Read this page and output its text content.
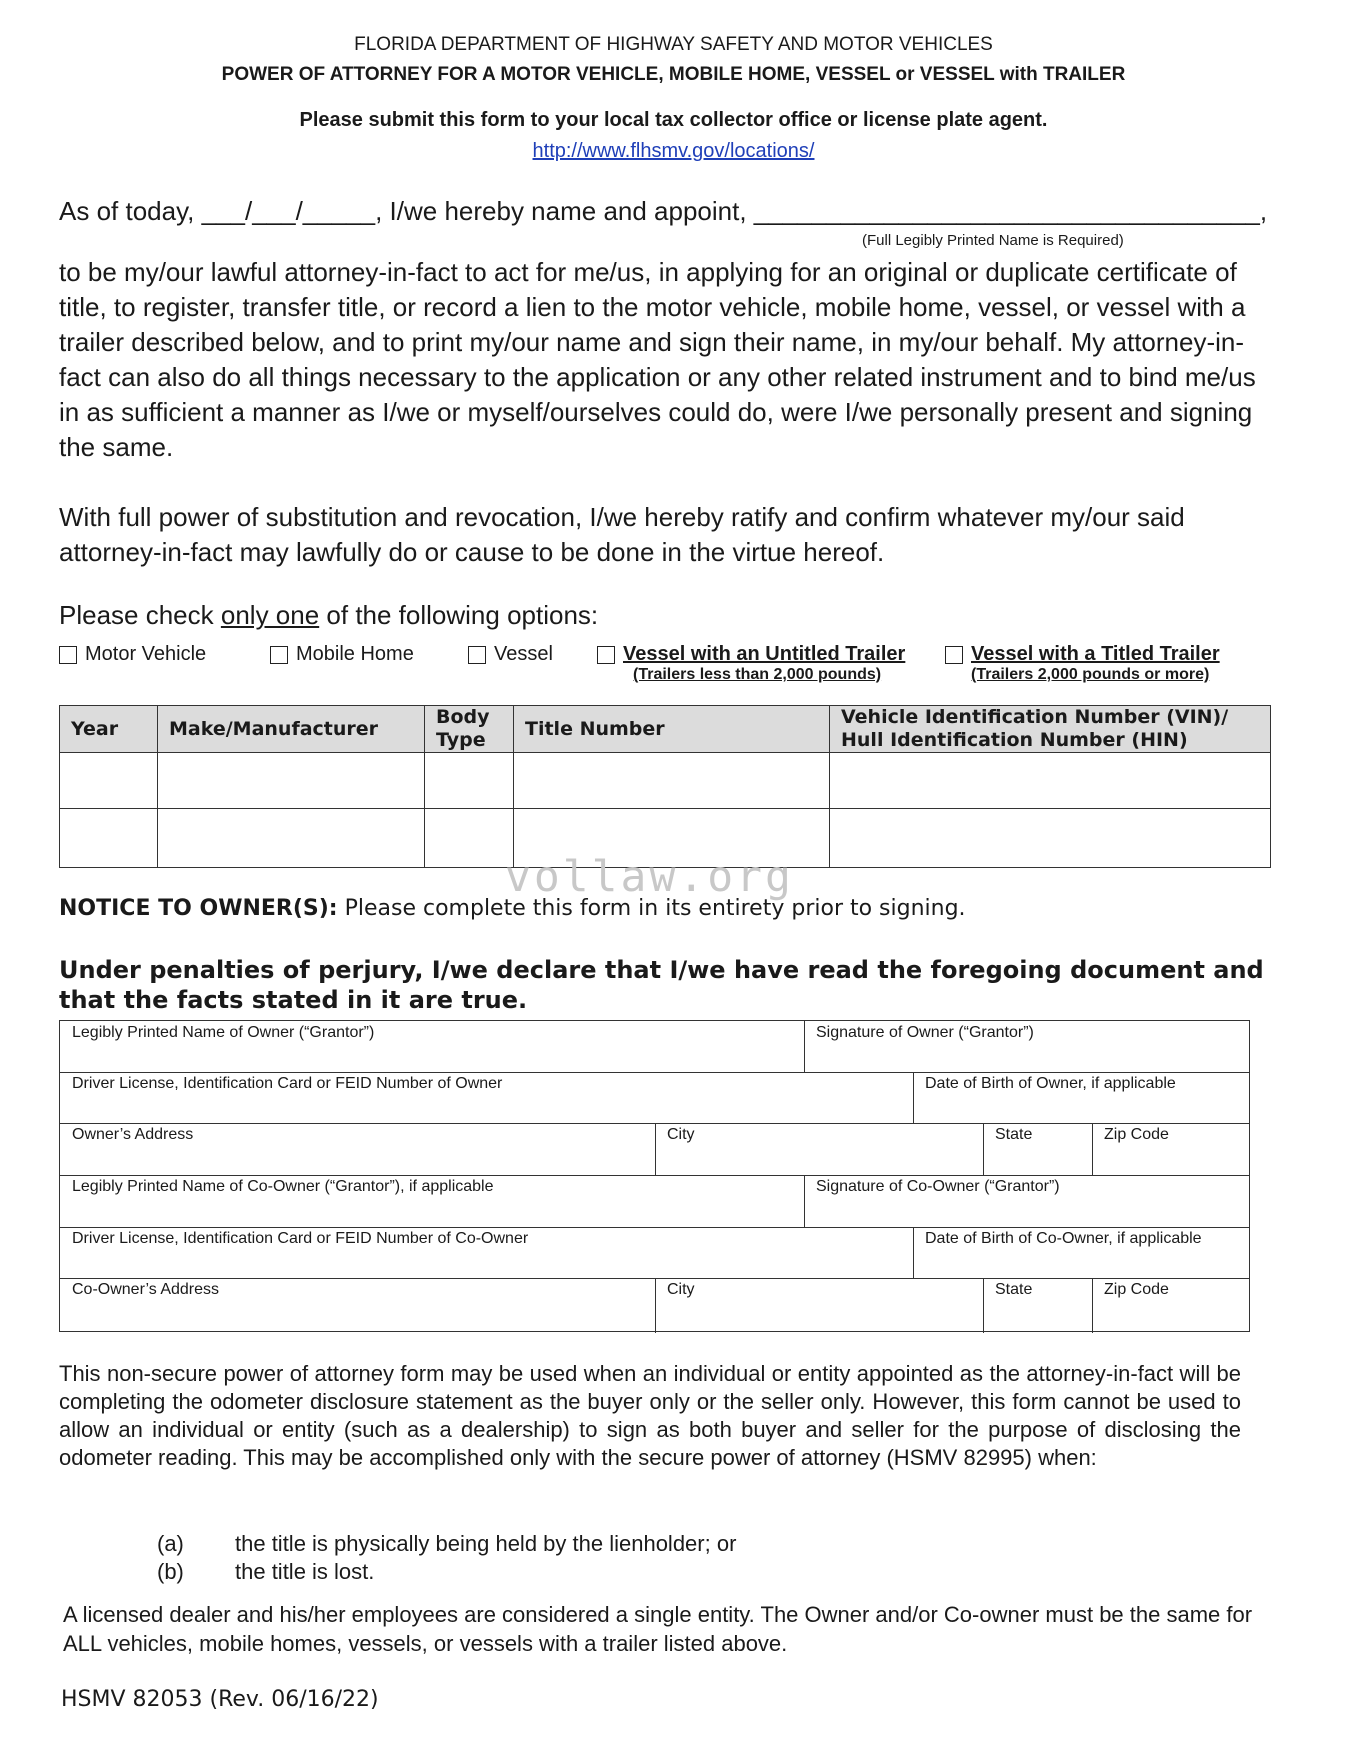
FLORIDA DEPARTMENT OF HIGHWAY SAFETY AND MOTOR VEHICLES
POWER OF ATTORNEY FOR A MOTOR VEHICLE, MOBILE HOME, VESSEL or VESSEL with TRAILER
Please submit this form to your local tax collector office or license plate agent.
http://www.flhsmv.gov/locations/
As of today, ___/___/_____, I/we hereby name and appoint, ___________________________________,
(Full Legibly Printed Name is Required)
to be my/our lawful attorney-in-fact to act for me/us, in applying for an original or duplicate certificate of title, to register, transfer title, or record a lien to the motor vehicle, mobile home, vessel, or vessel with a trailer described below, and to print my/our name and sign their name, in my/our behalf. My attorney-in-fact can also do all things necessary to the application or any other related instrument and to bind me/us in as sufficient a manner as I/we or myself/ourselves could do, were I/we personally present and signing the same.
With full power of substitution and revocation, I/we hereby ratify and confirm whatever my/our said attorney-in-fact may lawfully do or cause to be done in the virtue hereof.
Please check only one of the following options:
Motor Vehicle	Mobile Home	Vessel	Vessel with an Untitled Trailer
(Trailers less than 2,000 pounds)
Vessel with a Titled Trailer
(Trailers 2,000 pounds or more)
Year	Make/Manufacturer	Body Type	Title Number	Vehicle Identification Number (VIN)/ Hull Identification Number (HIN)

vollaw.org
NOTICE TO OWNER(S): Please complete this form in its entirety prior to signing.
Under penalties of perjury, I/we declare that I/we have read the foregoing document and that the facts stated in it are true.
Legibly Printed Name of Owner (“Grantor”)	Signature of Owner (“Grantor”)
Driver License, Identification Card or FEID Number of Owner	Date of Birth of Owner, if applicable
Owner’s Address	City	State	Zip Code
Legibly Printed Name of Co-Owner (“Grantor”), if applicable	Signature of Co-Owner (“Grantor”)
Driver License, Identification Card or FEID Number of Co-Owner	Date of Birth of Co-Owner, if applicable
Co-Owner’s Address	City	State	Zip Code
This non-secure power of attorney form may be used when an individual or entity appointed as the attorney-in-fact will be completing the odometer disclosure statement as the buyer only or the seller only. However, this form cannot be used to allow an individual or entity (such as a dealership) to sign as both buyer and seller for the purpose of disclosing the odometer reading. This may be accomplished only with the secure power of attorney (HSMV 82995) when:
(a) the title is physically being held by the lienholder; or
(b) the title is lost.
A licensed dealer and his/her employees are considered a single entity. The Owner and/or Co-owner must be the same for ALL vehicles, mobile homes, vessels, or vessels with a trailer listed above.
HSMV 82053 (Rev. 06/16/22)
